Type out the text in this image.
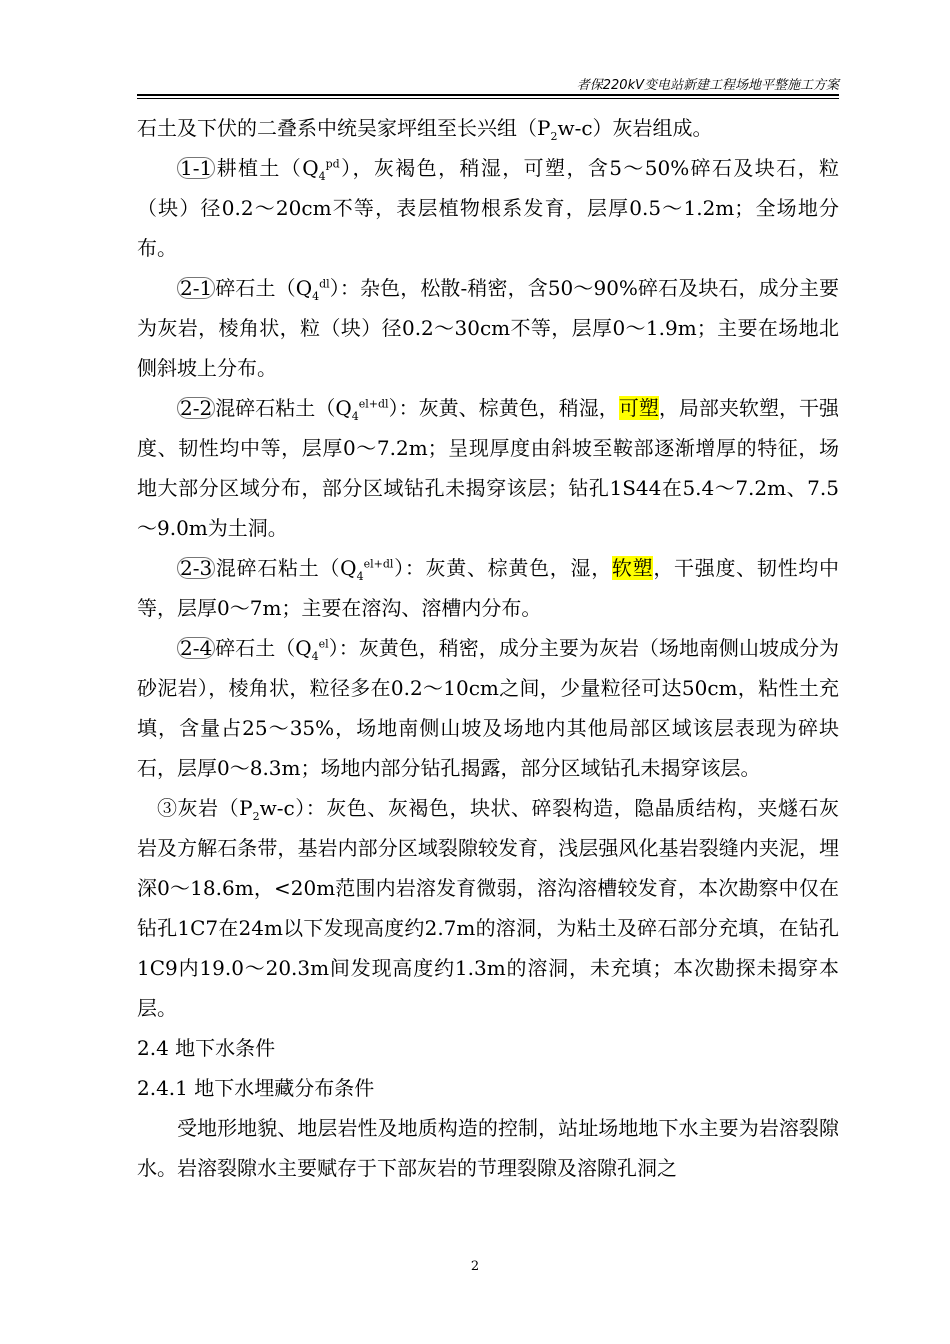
者保220kV变电站新建工程场地平整施工方案

石土及下伏的二叠系中统吴家坪组至长兴组$(P_2w-c)$灰岩组成。

1-1 耕植土$(Q_4^{pd})$，灰褐色，稍湿，可塑，含5～50%碎石及块石，粒（块）径0.2～20cm不等，表层植物根系发育，层厚0.5～1.2m；全场地分布。

2-1 碎石土$(Q_4^{dl})$：杂色，松散-稍密，含50～90%碎石及块石，成分主要为灰岩，棱角状，粒（块）径0.2～30cm不等，层厚0～1.9m；主要在场地北侧斜坡上分布。

2-2 混碎石粘土$(Q_4^{el+dl})$：灰黄、棕黄色，稍湿，可塑，局部夹软塑，干强度、韧性均中等，层厚0～7.2m；呈现厚度由斜坡至鞍部逐渐增厚的特征，场地大部分区域分布，部分区域钻孔未揭穿该层；钻孔1S44在5.4～7.2m、7.5～9.0m为土洞。

2-3 混碎石粘土$(Q_4^{el+dl})$：灰黄、棕黄色，湿，软塑，干强度、韧性均中等，层厚0～7m；主要在溶沟、溶槽内分布。

2-4 碎石土$(Q_4^{el})$：灰黄色，稍密，成分主要为灰岩（场地南侧山坡成分为砂泥岩），棱角状，粒径多在0.2～10cm之间，少量粒径可达50cm，粘性土充填，含量占25～35%，场地南侧山坡及场地内其他局部区域该层表现为碎块石，层厚0～8.3m；场地内部分钻孔揭露，部分区域钻孔未揭穿该层。

③灰岩$(P_2w-c)$：灰色、灰褐色，块状、碎裂构造，隐晶质结构，夹燧石灰岩及方解石条带，基岩内部分区域裂隙较发育，浅层强风化基岩裂缝内夹泥，埋深0～18.6m，<20m范围内岩溶发育微弱，溶沟溶槽较发育，本次勘察中仅在钻孔1C7在24m以下发现高度约2.7m的溶洞，为粘土及碎石部分充填，在钻孔1C9内19.0～20.3m间发现高度约1.3m的溶洞，未充填；本次勘探未揭穿本层。

2.4 地下水条件

2.4.1 地下水埋藏分布条件

受地形地貌、地层岩性及地质构造的控制，站址场地地下水主要为岩溶裂隙水。岩溶裂隙水主要赋存于下部灰岩的节理裂隙及溶隙孔洞之

2
